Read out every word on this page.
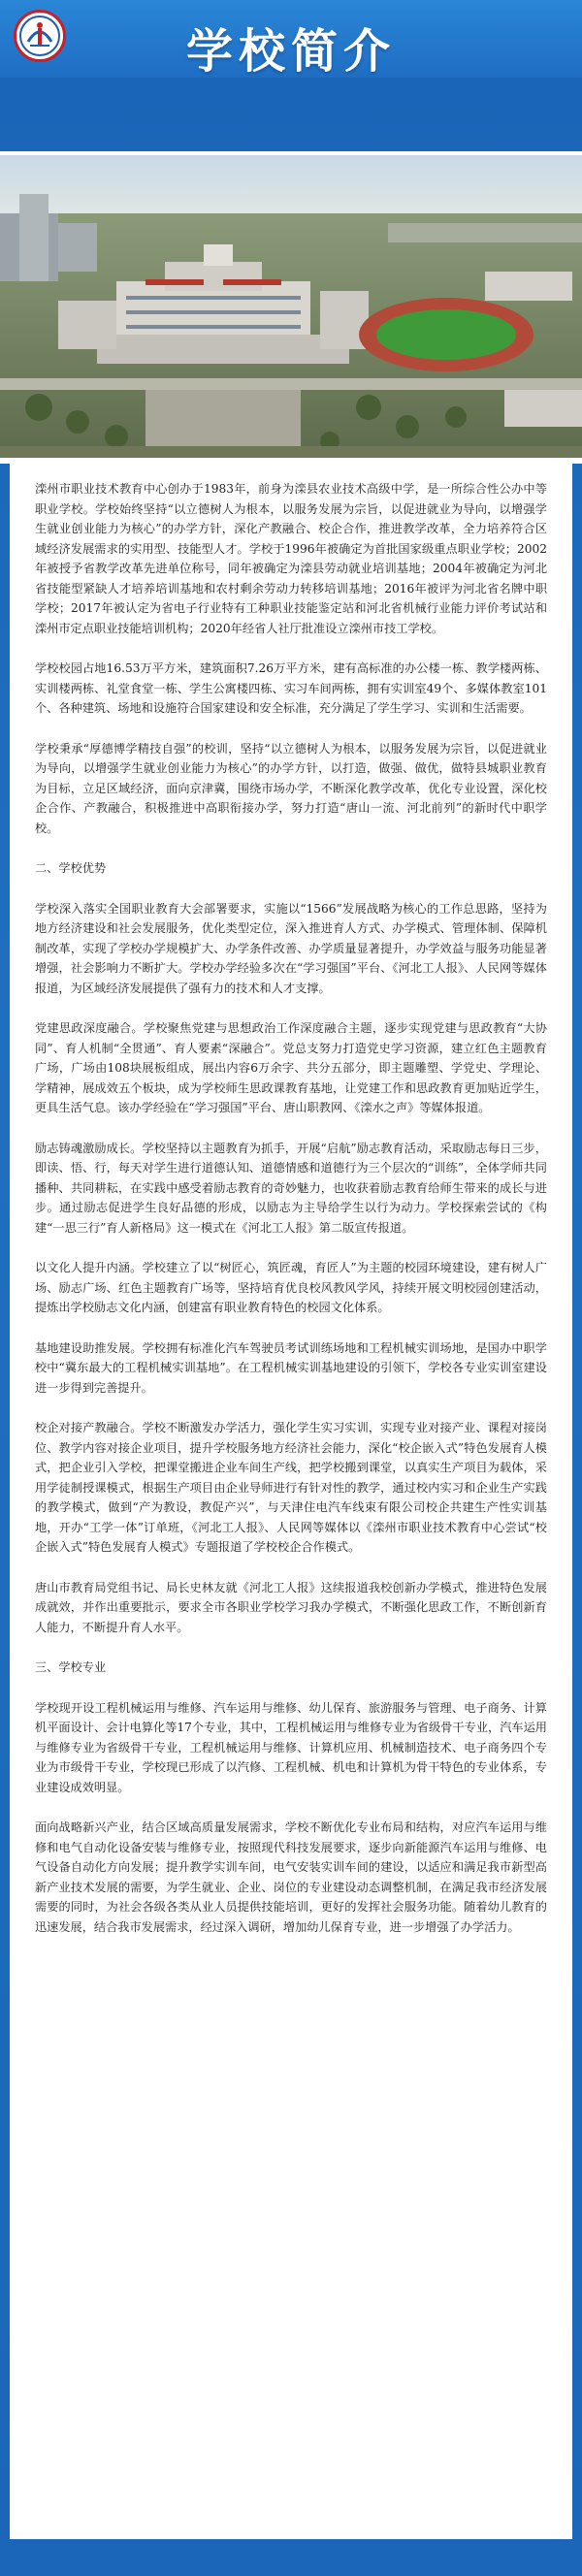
学校简介

滦州市职业技术教育中心创办于1983年，前身为滦县农业技术高级中学，是一所综合性公办中等职业学校。学校始终坚持“以立德树人为根本，以服务发展为宗旨，以促进就业为导向，以增强学生就业创业能力为核心”的办学方针，深化产教融合、校企合作，推进教学改革，全力培养符合区域经济发展需求的实用型、技能型人才。学校于1996年被确定为首批国家级重点职业学校；2002年被授予省教学改革先进单位称号，同年被确定为滦县劳动就业培训基地；2004年被确定为河北省技能型紧缺人才培养培训基地和农村剩余劳动力转移培训基地；2016年被评为河北省名牌中职学校；2017年被认定为省电子行业特有工种职业技能鉴定站和河北省机械行业能力评价考试站和滦州市定点职业技能培训机构；2020年经省人社厅批准设立滦州市技工学校。

学校校园占地16.53万平方米，建筑面积7.26万平方米，建有高标准的办公楼一栋、教学楼两栋、实训楼两栋、礼堂食堂一栋、学生公寓楼四栋、实习车间两栋，拥有实训室49个、多媒体教室101个、各种建筑、场地和设施符合国家建设和安全标准，充分满足了学生学习、实训和生活需要。

学校秉承“厚德博学精技自强”的校训，坚持“以立德树人为根本，以服务发展为宗旨，以促进就业为导向，以增强学生就业创业能力为核心”的办学方针，以打造，做强、做优，做特县城职业教育为目标，立足区域经济，面向京津冀，围绕市场办学，不断深化教学改革，优化专业设置，深化校企合作、产教融合，积极推进中高职衔接办学，努力打造“唐山一流、河北前列”的新时代中职学校。

二、学校优势

学校深入落实全国职业教育大会部署要求，实施以“1566”发展战略为核心的工作总思路，坚持为地方经济建设和社会发展服务，优化类型定位，深入推进育人方式、办学模式、管理体制、保障机制改革，实现了学校办学规模扩大、办学条件改善、办学质量显著提升，办学效益与服务功能显著增强，社会影响力不断扩大。学校办学经验多次在“学习强国”平台、《河北工人报》、人民网等媒体报道，为区域经济发展提供了强有力的技术和人才支撑。

党建思政深度融合。学校聚焦党建与思想政治工作深度融合主题，逐步实现党建与思政教育“大协同”、育人机制“全贯通”、育人要素“深融合”。党总支努力打造党史学习资源，建立红色主题教育广场，广场由108块展板组成，展出内容6万余字、共分五部分，即主题雕塑、学党史、学理论、学精神，展成效五个板块，成为学校师生思政课教育基地，让党建工作和思政教育更加贴近学生，更具生活气息。该办学经验在“学习强国”平台、唐山职教网、《滦水之声》等媒体报道。

励志铸魂激励成长。学校坚持以主题教育为抓手，开展“启航”励志教育活动，采取励志每日三步，即读、悟、行，每天对学生进行道德认知、道德情感和道德行为三个层次的“训练”，全体学师共同播种、共同耕耘，在实践中感受着励志教育的奇妙魅力，也收获着励志教育给师生带来的成长与进步。通过励志促进学生良好品德的形成，以励志为主导给学生以行为动力。学校探索尝试的《构建“一思三行”育人新格局》这一模式在《河北工人报》第二版宣传报道。

以文化人提升内涵。学校建立了以“树匠心，筑匠魂，育匠人”为主题的校园环境建设，建有树人广场、励志广场、红色主题教育广场等，坚持培育优良校风教风学风，持续开展文明校园创建活动，提炼出学校励志文化内涵，创建富有职业教育特色的校园文化体系。

基地建设助推发展。学校拥有标准化汽车驾驶员考试训练场地和工程机械实训场地，是国办中职学校中“冀东最大的工程机械实训基地”。在工程机械实训基地建设的引领下，学校各专业实训室建设进一步得到完善提升。

校企对接产教融合。学校不断激发办学活力，强化学生实习实训，实现专业对接产业、课程对接岗位、教学内容对接企业项目，提升学校服务地方经济社会能力，深化“校企嵌入式”特色发展育人模式，把企业引入学校，把课堂搬进企业车间生产线，把学校搬到课堂，以真实生产项目为载体，采用学徒制授课模式，根据生产项目由企业导师进行有针对性的教学，通过校内实习和企业生产实践的教学模式，做到“产为教设，教促产兴”，与天津住电汽车线束有限公司校企共建生产性实训基地，开办“工学一体”订单班，《河北工人报》、人民网等媒体以《滦州市职业技术教育中心尝试“校企嵌入式”特色发展育人模式》专题报道了学校校企合作模式。

唐山市教育局党组书记、局长史林友就《河北工人报》这续报道我校创新办学模式，推进特色发展成就效，并作出重要批示，要求全市各职业学校学习我办学模式，不断强化思政工作，不断创新育人能力，不断提升育人水平。

三、学校专业

学校现开设工程机械运用与维修、汽车运用与维修、幼儿保育、旅游服务与管理、电子商务、计算机平面设计、会计电算化等17个专业，其中，工程机械运用与维修专业为省级骨干专业，汽车运用与维修专业为省级骨干专业，工程机械运用与维修、计算机应用、机械制造技术、电子商务四个专业为市级骨干专业，学校现已形成了以汽修、工程机械、机电和计算机为骨干特色的专业体系，专业建设成效明显。

面向战略新兴产业，结合区域高质量发展需求，学校不断优化专业布局和结构，对应汽车运用与维修和电气自动化设备安装与维修专业，按照现代科技发展要求，逐步向新能源汽车运用与维修、电气设备自动化方向发展；提升教学实训车间，电气安装实训车间的建设，以适应和满足我市新型高新产业技术发展的需要，为学生就业、企业、岗位的专业建设动态调整机制，在满足我市经济发展需要的同时，为社会各级各类从业人员提供技能培训，更好的发挥社会服务功能。随着幼儿教育的迅速发展，结合我市发展需求，经过深入调研，增加幼儿保育专业，进一步增强了办学活力。
